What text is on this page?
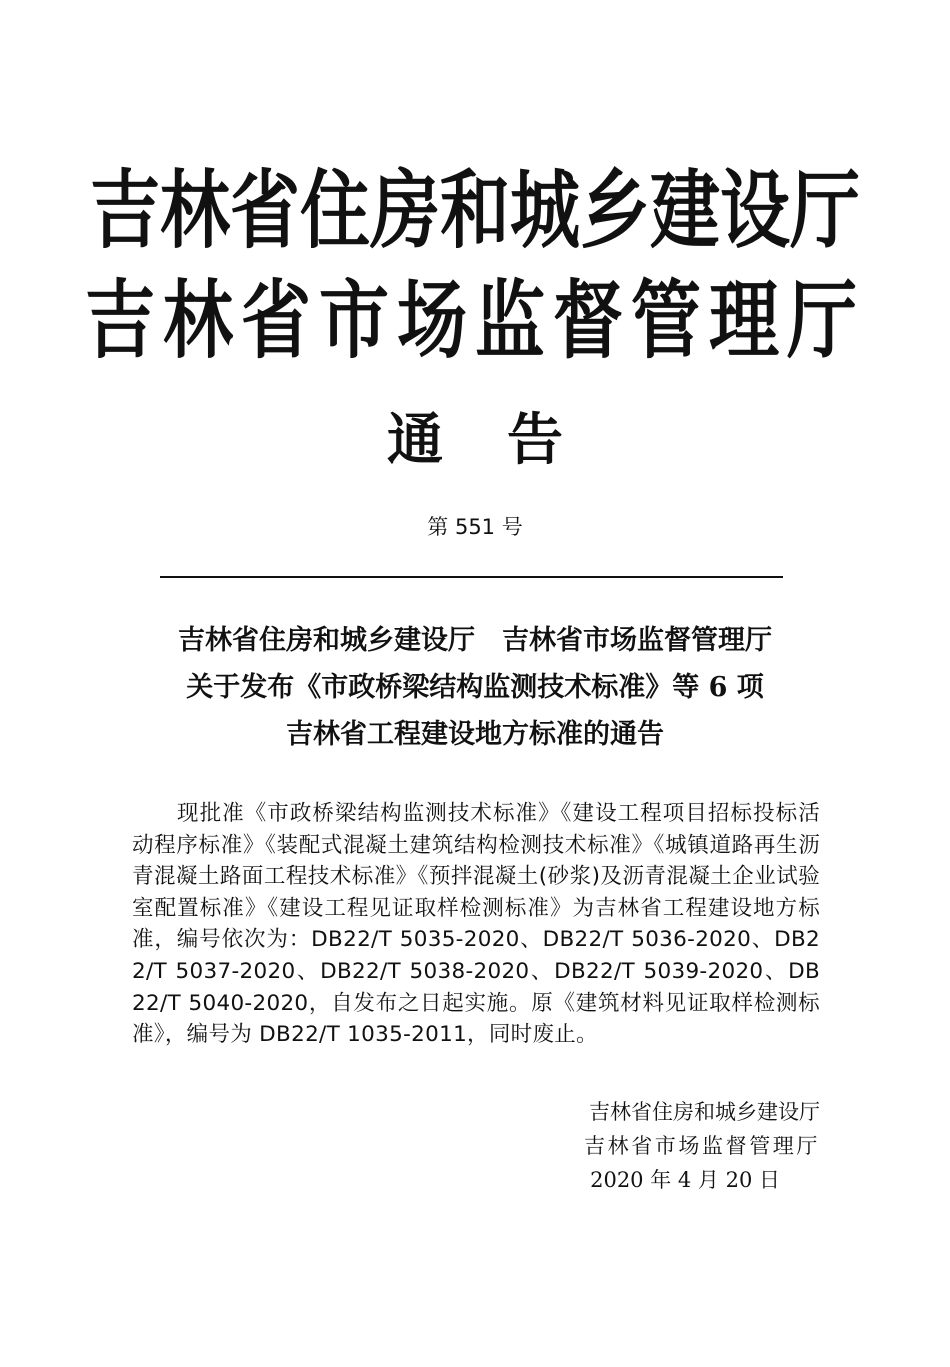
吉林省住房和城乡建设厅
吉林省市场监督管理厅
通告
第 551 号
吉林省住房和城乡建设厅　吉林省市场监督管理厅
关于发布《市政桥梁结构监测技术标准》等 6 项
吉林省工程建设地方标准的通告
现批准《市政桥梁结构监测技术标准》《建设工程项目招标投标活动程序标准》《装配式混凝土建筑结构检测技术标准》《城镇道路再生沥青混凝土路面工程技术标准》《预拌混凝土(砂浆)及沥青混凝土企业试验室配置标准》《建设工程见证取样检测标准》为吉林省工程建设地方标准，编号依次为：DB22/T 5035-2020、DB22/T 5036-2020、DB22/T 5037-2020、DB22/T 5038-2020、DB22/T 5039-2020、DB22/T 5040-2020，自发布之日起实施。原《建筑材料见证取样检测标准》，编号为 DB22/T 1035-2011，同时废止。
吉林省住房和城乡建设厅
吉林省市场监督管理厅
2020 年 4 月 20 日
